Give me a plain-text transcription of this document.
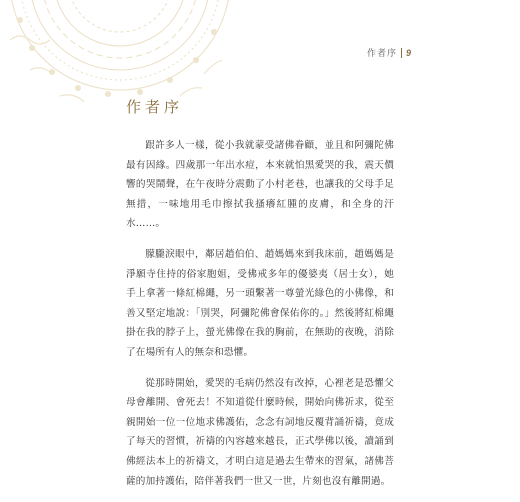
作者序 9
作者序

跟許多人一樣，從小我就蒙受諸佛眷顧，並且和阿彌陀佛最有因緣。四歲那一年出水痘，本來就怕黑愛哭的我，震天價響的哭鬧聲，在午夜時分震動了小村老巷，也讓我的父母手足無措，一味地用毛巾擦拭我搔癢紅腫的皮膚，和全身的汗水……。

朦朧淚眼中，鄰居趙伯伯、趙媽媽來到我床前，趙媽媽是淨願寺住持的俗家胞姐，受佛戒多年的優婆夷（居士女），她手上拿著一條紅棉繩，另一頭繫著一尊螢光綠色的小佛像，和善又堅定地說：「別哭，阿彌陀佛會保佑你的。」然後將紅棉繩掛在我的脖子上，螢光佛像在我的胸前，在無助的夜晚，消除了在場所有人的無奈和恐懼。

從那時開始，愛哭的毛病仍然沒有改掉，心裡老是恐懼父母會離開、會死去！不知道從什麼時候，開始向佛祈求，從至親開始一位一位地求佛護佑，念念有詞地反覆背誦祈禱，竟成了每天的習慣，祈禱的內容越來越長，正式學佛以後，讀誦到佛經法本上的祈禱文，才明白這是過去生帶來的習氣，諸佛菩薩的加持護佑，陪伴著我們一世又一世，片刻也沒有離開過。
